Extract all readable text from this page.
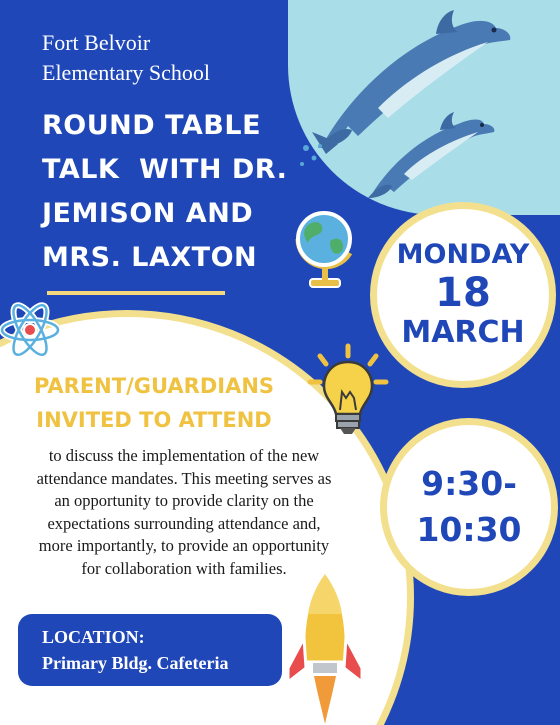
Fort Belvoir
Elementary School
ROUND TABLE
TALK  WITH DR.
JEMISON AND
MRS. LAXTON	MONDAY
18
MARCH
PARENT/GUARDIANS
INVITED TO ATTEND
to discuss the implementation of the new
attendance mandates. This meeting serves as
an opportunity to provide clarity on the
expectations surrounding attendance and,
more importantly, to provide an opportunity
for collaboration with families.
9:30-
10:30
LOCATION:
Primary Bldg. Cafeteria
